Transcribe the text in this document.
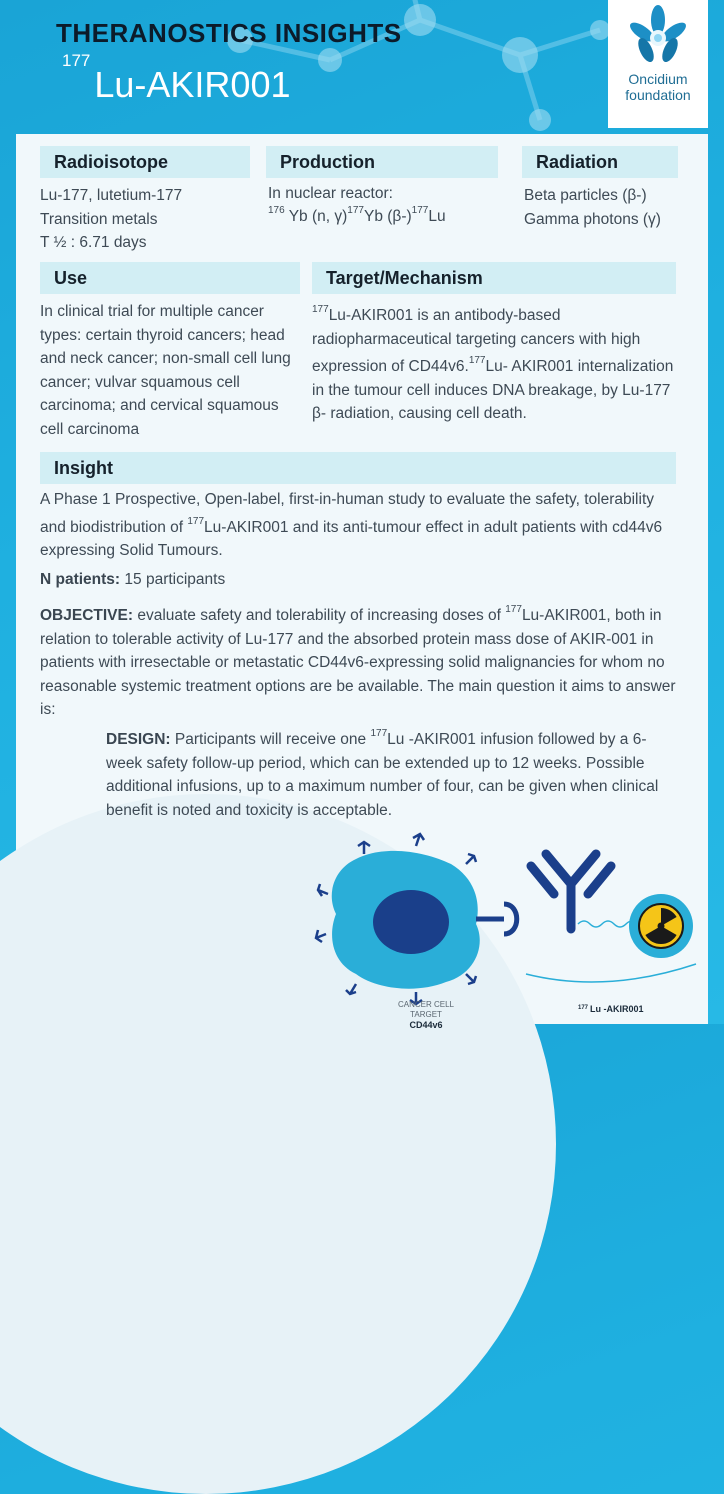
THERANOSTICS INSIGHTS
$^{177}$Lu-AKIR001	Oncidium
foundation
Radioisotope
Lu-177, lutetium-177
Transition metals
T ½ : 6.71 days
Production
In nuclear reactor:
$^{176}$ Yb (n, γ)$^{177}$Yb $(\beta-)^{177}Lu$
Radiation
Beta particles (β-)
Gamma photons (γ)
Use
In clinical trial for multiple cancer types: certain thyroid cancers; head and neck cancer; non-small cell lung cancer; vulvar squamous cell carcinoma; and cervical squamous cell carcinoma
Target/Mechanism
$^{177}$Lu-AKIR001 is an antibody-based radiopharmaceutical targeting cancers with high expression of CD44v6.$^{177}$Lu- AKIR001 internalization in the tumour cell induces DNA breakage, by Lu-177 β- radiation, causing cell death.
Insight
A Phase 1 Prospective, Open-label, first-in-human study to evaluate the safety, tolerability and biodistribution of $^{177}$Lu-AKIR001 and its anti-tumour effect in adult patients with cd44v6 expressing Solid Tumours.
N patients: 15 participants
OBJECTIVE: evaluate safety and tolerability of increasing doses of $^{177}$Lu-AKIR001, both in relation to tolerable activity of Lu-177 and the absorbed protein mass dose of AKIR-001 in patients with irresectable or metastatic CD44v6-expressing solid malignancies for whom no reasonable systemic treatment options are be available. The main question it aims to answer is:
DESIGN: Participants will receive one $^{177}$Lu -AKIR001 infusion followed by a 6-week safety follow-up period, which can be extended up to 12 weeks. Possible additional infusions, up to a maximum number of four, can be given when clinical benefit is noted and toxicity is acceptable.
CANCER CELL
TARGET
CD44v6
177 Lu -AKIR001
